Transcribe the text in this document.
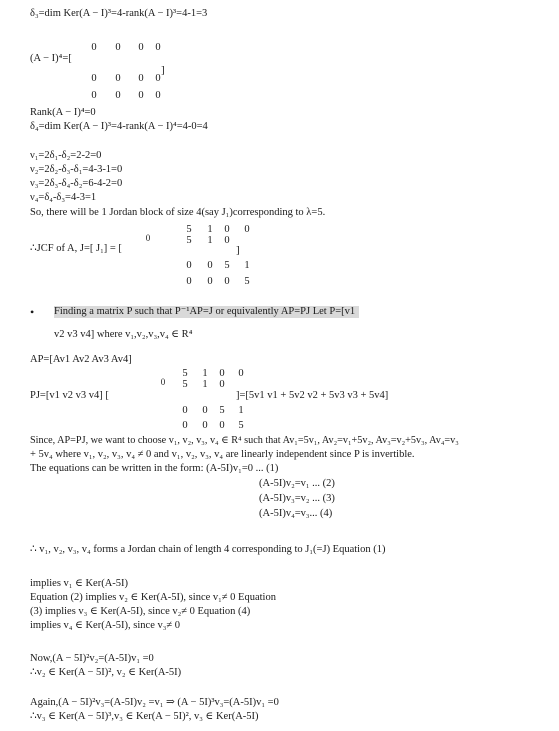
δ₃=dim Ker(A − I)³=4-rank(A − I)³=4-1=3
(A − I)⁴=[
0 0 0 0
]
0 0 0 0
0 0 0 0
Rank(A − I)⁴=0
δ₄=dim Ker(A − I)³=4-rank(A − I)⁴=4-0=4
ν₁=2δ₁-δ₂=2-2=0
ν₂=2δ₂-δ₃-δ₁=4-3-1=0
ν₃=2δ₃-δ₄-δ₂=6-4-2=0
ν₄=δ₄-δ₃=4-3=1
So, there will be 1 Jordan block of size 4(say J₁)corresponding to λ=5.
5 1 0 0
0	5 1 0
∴JCF of A, J=[ J₁] = [	]
0 0 5 1
0 0 0 5
• Finding a matrix P such that P⁻¹AP=J or equivalently AP=PJ Let P=[v1
v2 v3 v4] where v₁,v₂,v₃,v₄ ∈ R⁴
AP=[Av1 Av2 Av3 Av4]
5 1 0 0
0 5 1 0
PJ=[v1 v2 v3 v4] [	]=[5v1 v1 + 5v2 v2 + 5v3 v3 + 5v4]
0 0 5 1
0 0 0 5
Since, AP=PJ, we want to choose v₁, v₂, v₃, v₄ ∈ R⁴ such that Av₁=5v₁, Av₂=v₁+5v₂, Av₃=v₂+5v₃, Av₄=v₃
+ 5v₄ where v₁, v₂, v₃, v₄ ≠ 0 and v₁, v₂, v₃, v₄ are linearly independent since P is invertible.
The equations can be written in the form: (A-5I)v₁=0 ... (1)
(A-5I)v₂=v₁ ... (2)
(A-5I)v₃=v₂ ... (3)
(A-5I)v₄=v₃... (4)
∴ v₁, v₂, v₃, v₄ forms a Jordan chain of length 4 corresponding to J₁(=J) Equation (1)
implies v₁ ∈ Ker(A-5I)
Equation (2) implies v₂ ∈ Ker(A-5I), since v₁≠ 0 Equation
(3) implies v₃ ∈ Ker(A-5I), since v₂≠ 0 Equation (4)
implies v₄ ∈ Ker(A-5I), since v₃≠ 0
Now,(A − 5I)²v₂=(A-5I)v₁ =0
∴v₂ ∈ Ker(A − 5I)², v₂ ∈ Ker(A-5I)
Again,(A − 5I)²v₃=(A-5I)v₂ =v₁ ⇒ (A − 5I)³v₃=(A-5I)v₁ =0
∴v₃ ∈ Ker(A − 5I)³,v₃ ∈ Ker(A − 5I)², v₃ ∈ Ker(A-5I)
